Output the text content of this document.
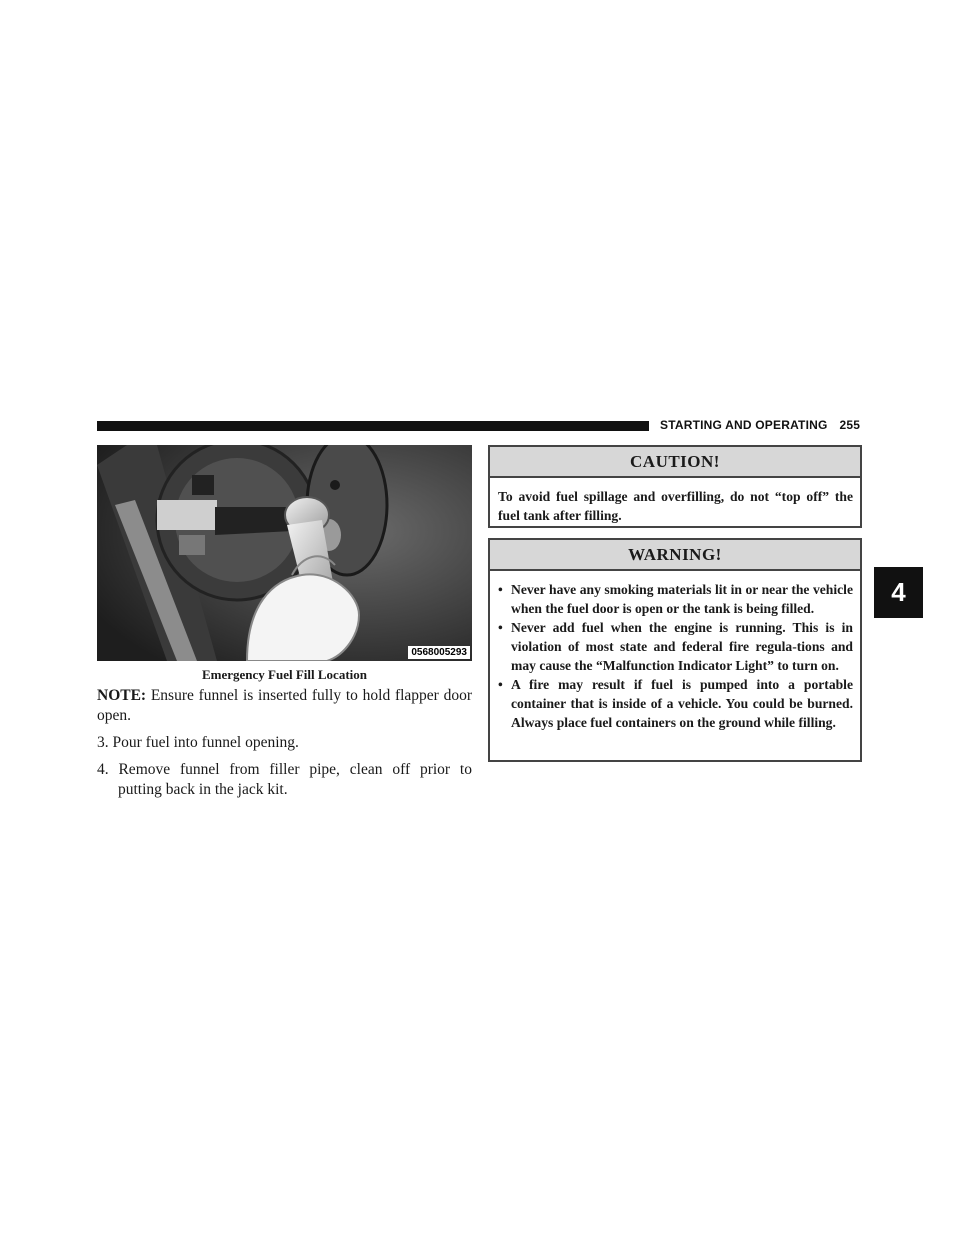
STARTING AND OPERATING 255
0568005293
Emergency Fuel Fill Location
NOTE: Ensure funnel is inserted fully to hold flapper door open.
3. Pour fuel into funnel opening.
4. Remove funnel from filler pipe, clean off prior to
putting back in the jack kit.
CAUTION!
To avoid fuel spillage and overfilling, do not “top off” the fuel tank after filling.
WARNING!
• Never have any smoking materials lit in or near the vehicle when the fuel door is open or the tank is being filled.
• Never add fuel when the engine is running. This is in violation of most state and federal fire regula-tions and may cause the “Malfunction Indicator Light” to turn on.
• A fire may result if fuel is pumped into a portable container that is inside of a vehicle. You could be burned. Always place fuel containers on the ground while filling.
4
